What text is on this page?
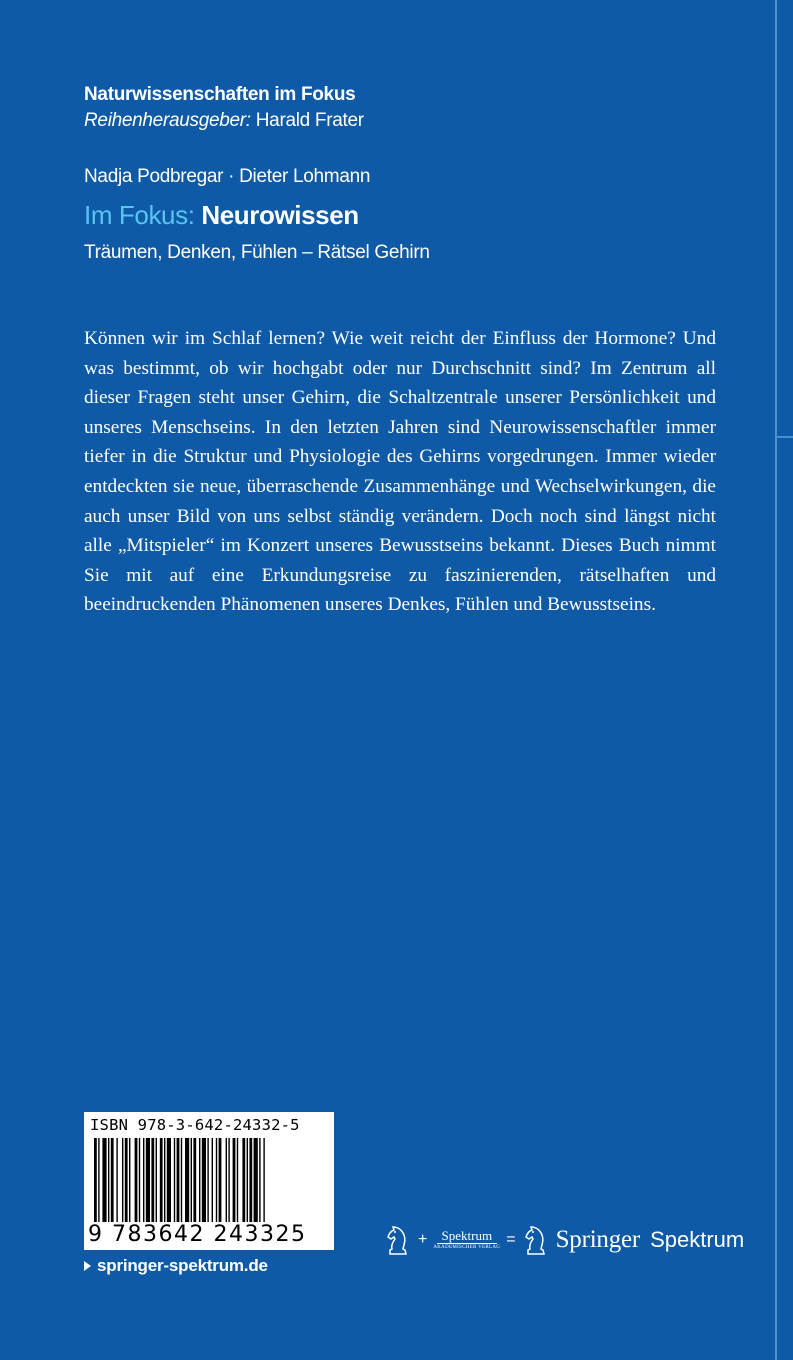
Naturwissenschaften im Fokus
Reihenherausgeber: Harald Frater
Nadja Podbregar · Dieter Lohmann
Im Fokus: Neurowissen
Träumen, Denken, Fühlen – Rätsel Gehirn

Können wir im Schlaf lernen? Wie weit reicht der Einfluss der Hormone? Und was bestimmt, ob wir hochgabt oder nur Durchschnitt sind? Im Zentrum all dieser Fragen steht unser Gehirn, die Schaltzentrale unserer Persönlichkeit und unseres Menschseins. In den letzten Jahren sind Neurowissenschaftler immer tiefer in die Struktur und Physiologie des Gehirns vorgedrungen. Immer wieder entdeckten sie neue, überraschende Zusammenhänge und Wechselwirkungen, die auch unser Bild von uns selbst ständig verändern. Doch noch sind längst nicht alle „Mitspieler“ im Konzert unseres Bewusstseins bekannt. Dieses Buch nimmt Sie mit auf eine Erkundungsreise zu faszinierenden, rätselhaften und beeindruckenden Phänomenen unseres Denkes, Fühlen und Bewusstseins.

ISBN 978-3-642-24332-5
9 783642 243325
springer-spektrum.de
+ Spektrum
AKADEMISCHER VERLAG = Springer Spektrum
